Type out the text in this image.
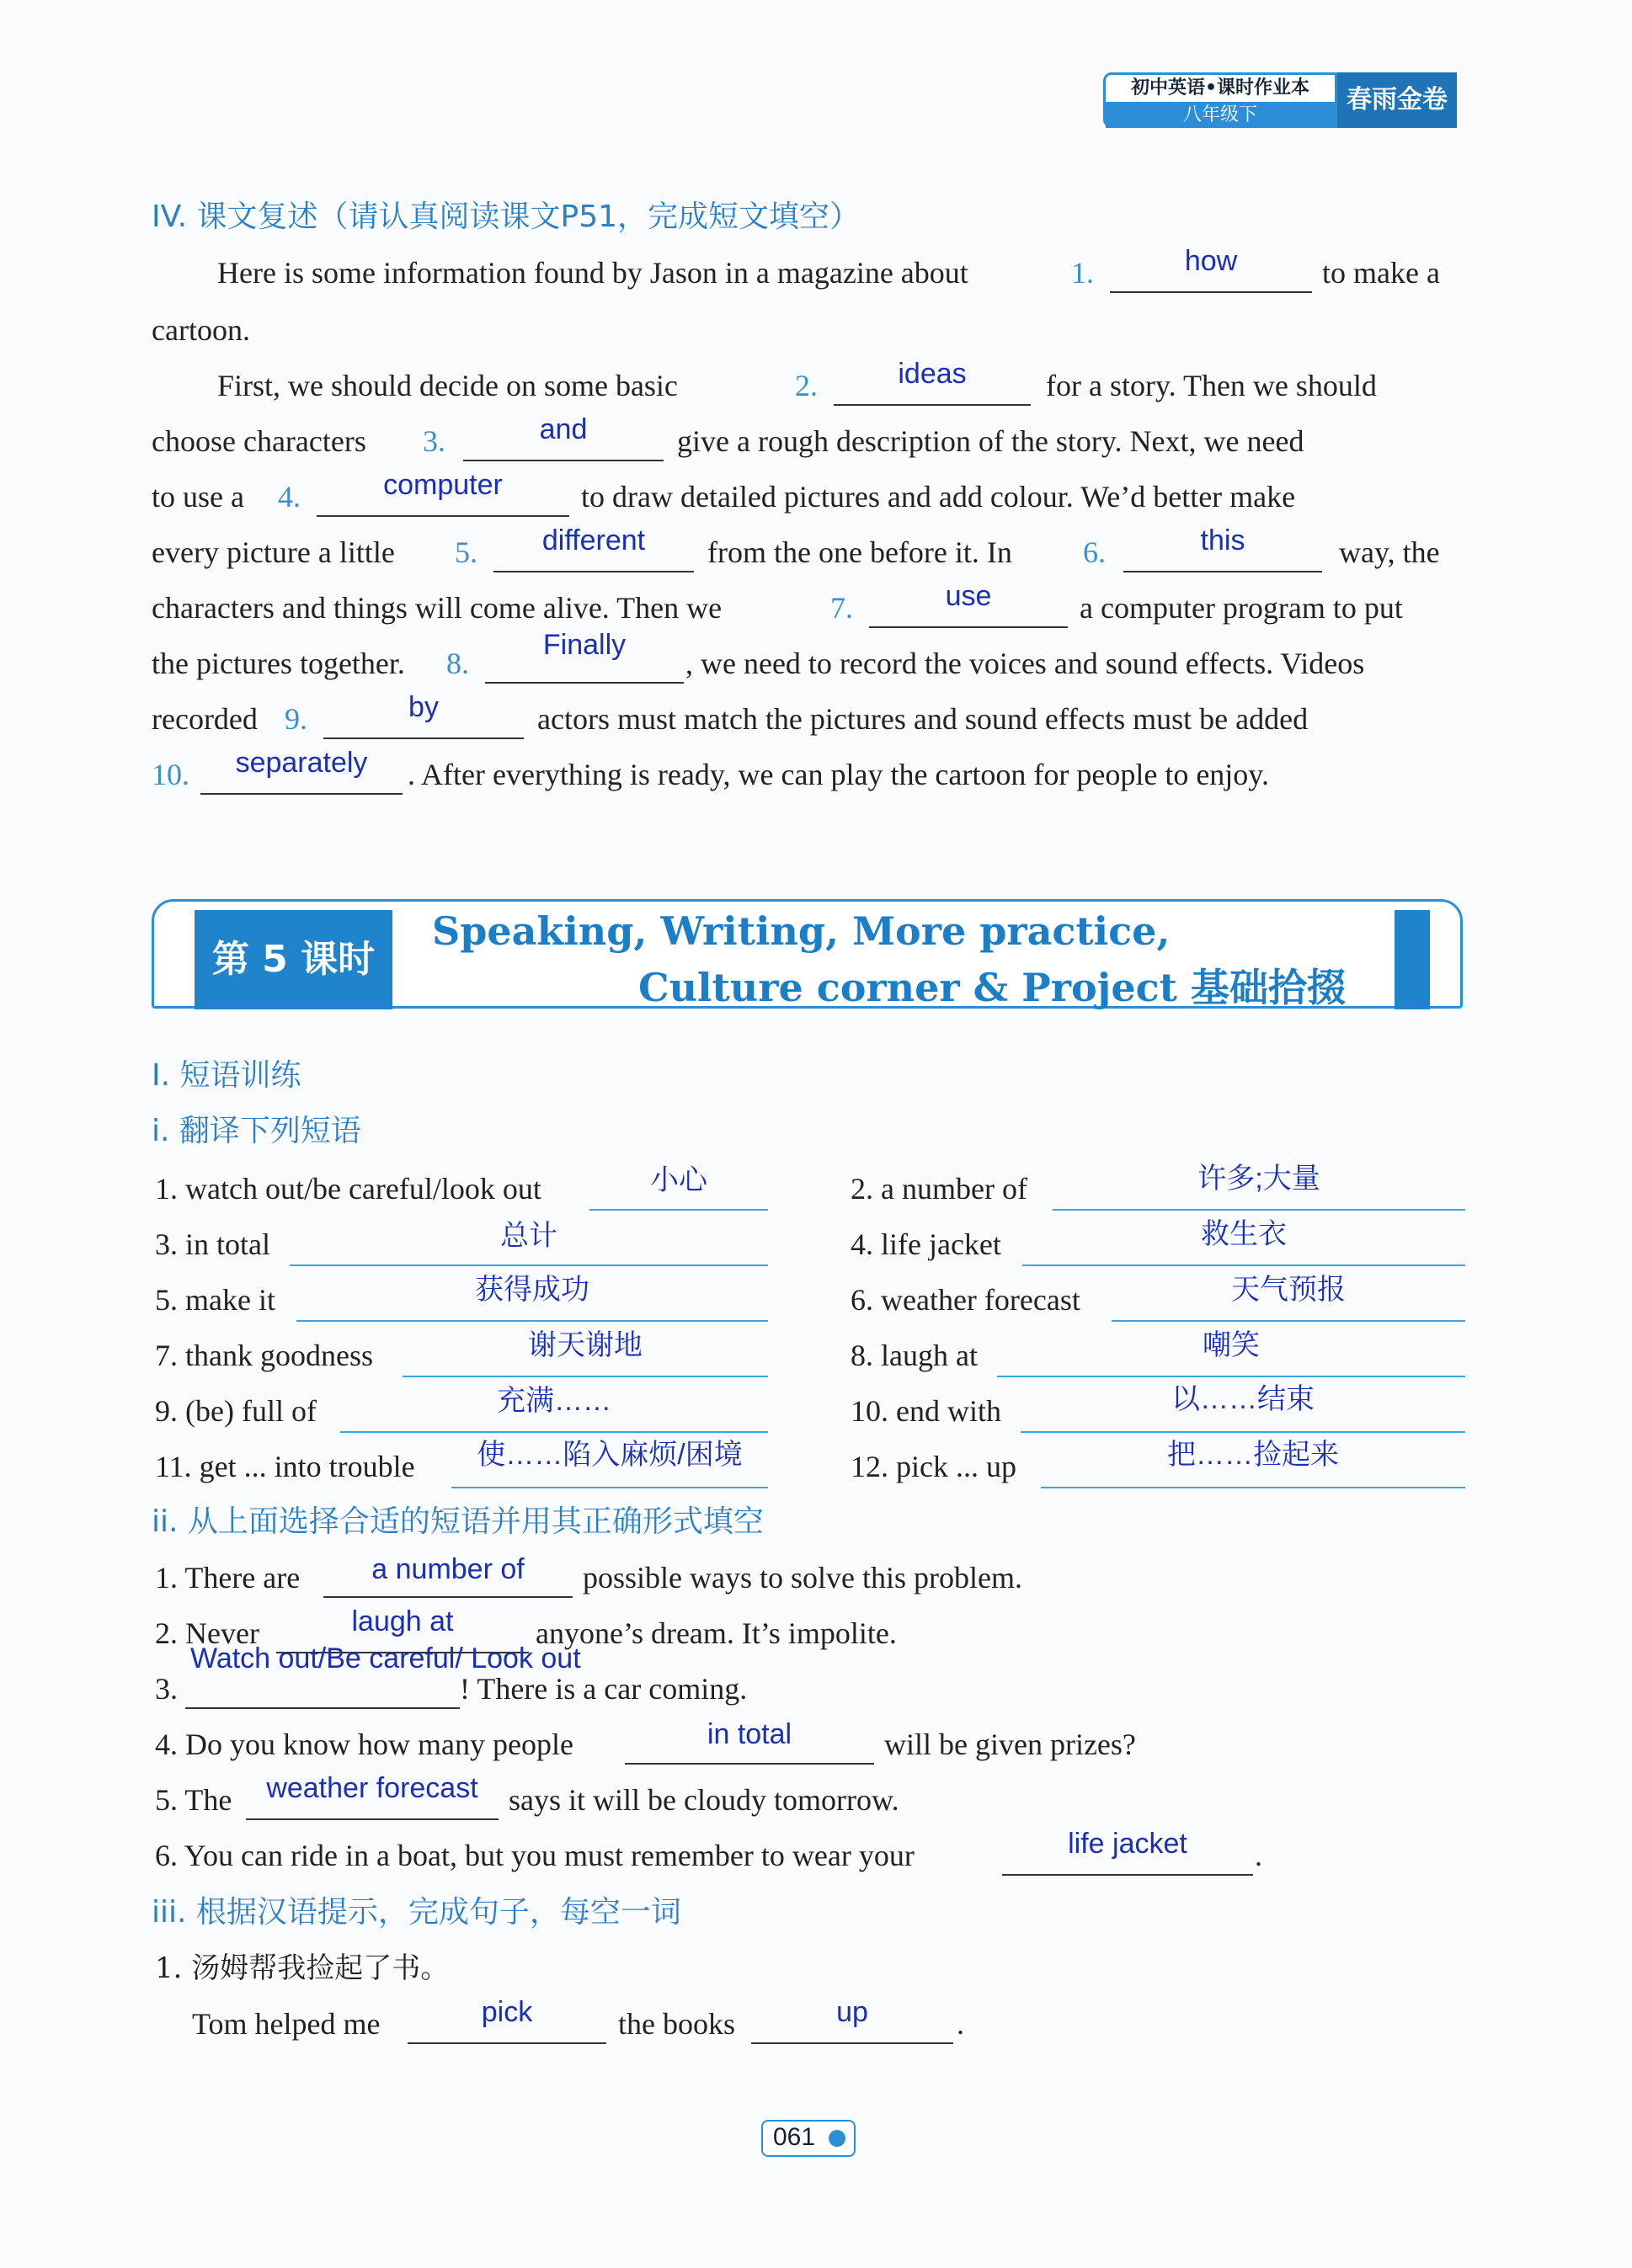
初中英语•课时作业本
八年级下
春雨金卷
IV. 课文复述（请认真阅读课文P51，完成短文填空）
Here is some information found by Jason in a magazine about	1.	how	to make a
cartoon.
First, we should decide on some basic	2.	ideas	for a story. Then we should
choose characters 3.	and	give a rough description of the story. Next, we need
to use a 4.	computer	to draw detailed pictures and add colour. We’d better make
every picture a little 5.	different	from the one before it. In 6.	this	way, the
characters and things will come alive. Then we	7.	use	a computer program to put
the pictures together. 8.
Finally
, we need to record the voices and sound effects. Videos
recorded 9.	by	actors must match the pictures and sound effects must be added
10.	separately	. After everything is ready, we can play the cartoon for people to enjoy.
第 5 课时
Speaking, Writing, More practice,
Culture corner & Project 基础拾掇
I. 短语训练
i. 翻译下列短语
1. watch out/be careful/look out	小心	2. a number of	许多;大量
3. in total	总计	4. life jacket	救生衣
5. make it	获得成功	6. weather forecast	天气预报
7. thank goodness	谢天谢地	8. laugh at	嘲笑
9. (be) full of	充满……	10. end with	以……结束
11. get ... into trouble	使……陷入麻烦/困境	12. pick ... up	把……捡起来
ii. 从上面选择合适的短语并用其正确形式填空
1. There are	a number of	possible ways to solve this problem.
2. Never	laugh at	anyone’s dream. It’s impolite.
3.
Watch out/Be careful/ Look out
! There is a car coming.
4. Do you know how many people	in total	will be given prizes?
5. The	weather forecast	says it will be cloudy tomorrow.
6. You can ride in a boat, but you must remember to wear your	life jacket	.
iii. 根据汉语提示，完成句子，每空一词
1. 汤姆帮我捡起了书。
Tom helped me	pick	the books	up	.
061
